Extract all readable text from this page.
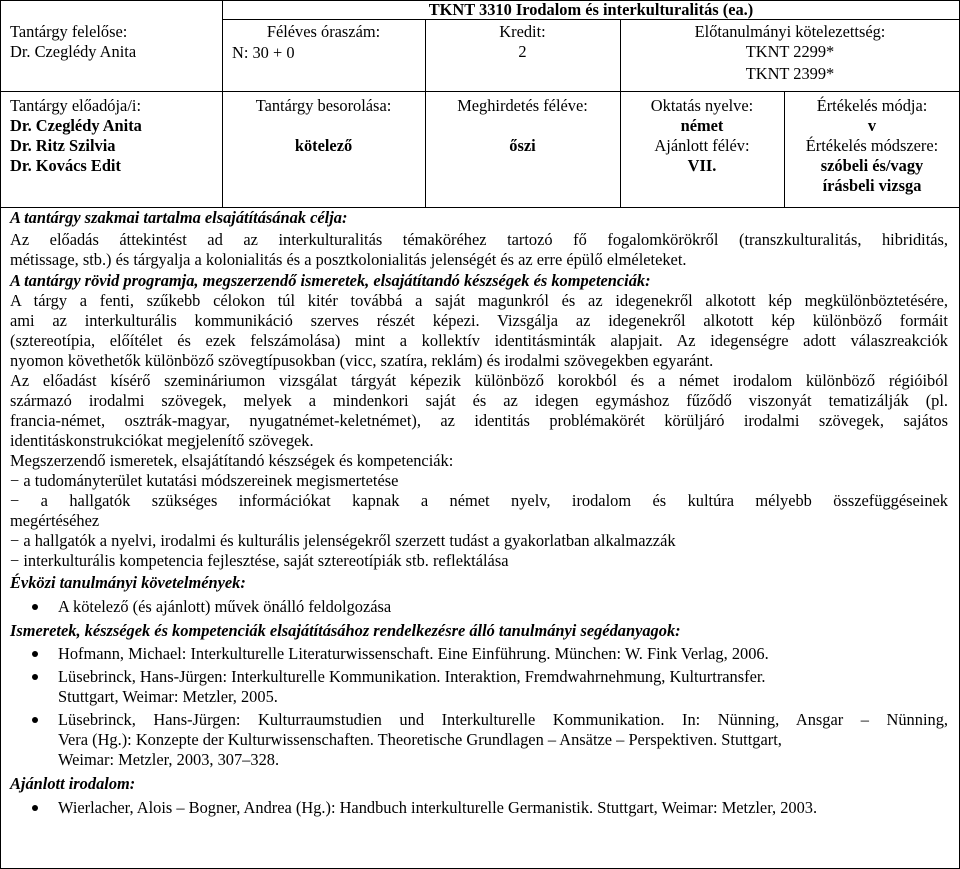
TKNT 3310 Irodalom és interkulturalitás (ea.)
Tantárgy felelőse:
Dr. Czeglédy Anita
Féléves óraszám:
N: 30 + 0
Kredit:
2
Előtanulmányi kötelezettség:
TKNT 2299*
TKNT 2399*
Tantárgy előadója/i:
Dr. Czeglédy Anita
Dr. Ritz Szilvia
Dr. Kovács Edit
Tantárgy besorolása:
kötelező
Meghirdetés féléve:
őszi
Oktatás nyelve:
német
Ajánlott félév:
VII.
Értékelés módja:
v
Értékelés módszere:
szóbeli és/vagy
írásbeli vizsga
A tantárgy szakmai tartalma elsajátításának célja:
Az előadás áttekintést ad az interkulturalitás témaköréhez tartozó fő fogalomkörökről (transzkulturalitás, hibriditás,
métissage, stb.) és tárgyalja a kolonialitás és a posztkolonialitás jelenségét és az erre épülő elméleteket.
A tantárgy rövid programja, megszerzendő ismeretek, elsajátítandó készségek és kompetenciák:
A tárgy a fenti, szűkebb célokon túl kitér továbbá a saját magunkról és az idegenekről alkotott kép megkülönböztetésére,
ami az interkulturális kommunikáció szerves részét képezi. Vizsgálja az idegenekről alkotott kép különböző formáit
(sztereotípia, előítélet és ezek felszámolása) mint a kollektív identitásminták alapjait. Az idegenségre adott válaszreakciók
nyomon követhetők különböző szövegtípusokban (vicc, szatíra, reklám) és irodalmi szövegekben egyaránt.
Az előadást kísérő szemináriumon vizsgálat tárgyát képezik különböző korokból és a német irodalom különböző régióiból
származó irodalmi szövegek, melyek a mindenkori saját és az idegen egymáshoz fűződő viszonyát tematizálják (pl.
francia-német, osztrák-magyar, nyugatnémet-keletnémet), az identitás problémakörét körüljáró irodalmi szövegek, sajátos
identitáskonstrukciókat megjelenítő szövegek.
Megszerzendő ismeretek, elsajátítandó készségek és kompetenciák:
− a tudományterület kutatási módszereinek megismertetése
− a hallgatók szükséges információkat kapnak a német nyelv, irodalom és kultúra mélyebb összefüggéseinek
megértéséhez
− a hallgatók a nyelvi, irodalmi és kulturális jelenségekről szerzett tudást a gyakorlatban alkalmazzák
− interkulturális kompetencia fejlesztése, saját sztereotípiák stb. reflektálása
Évközi tanulmányi követelmények:
A kötelező (és ajánlott) művek önálló feldolgozása
Ismeretek, készségek és kompetenciák elsajátításához rendelkezésre álló tanulmányi segédanyagok:
Hofmann, Michael: Interkulturelle Literaturwissenschaft. Eine Einführung. München: W. Fink Verlag, 2006.
Lüsebrinck, Hans-Jürgen: Interkulturelle Kommunikation. Interaktion, Fremdwahrnehmung, Kulturtransfer.
Stuttgart, Weimar: Metzler, 2005.
Lüsebrinck, Hans-Jürgen: Kulturraumstudien und Interkulturelle Kommunikation. In: Nünning, Ansgar – Nünning,
Vera (Hg.): Konzepte der Kulturwissenschaften. Theoretische Grundlagen – Ansätze – Perspektiven. Stuttgart,
Weimar: Metzler, 2003, 307–328.
Ajánlott irodalom:
Wierlacher, Alois – Bogner, Andrea (Hg.): Handbuch interkulturelle Germanistik. Stuttgart, Weimar: Metzler, 2003.
